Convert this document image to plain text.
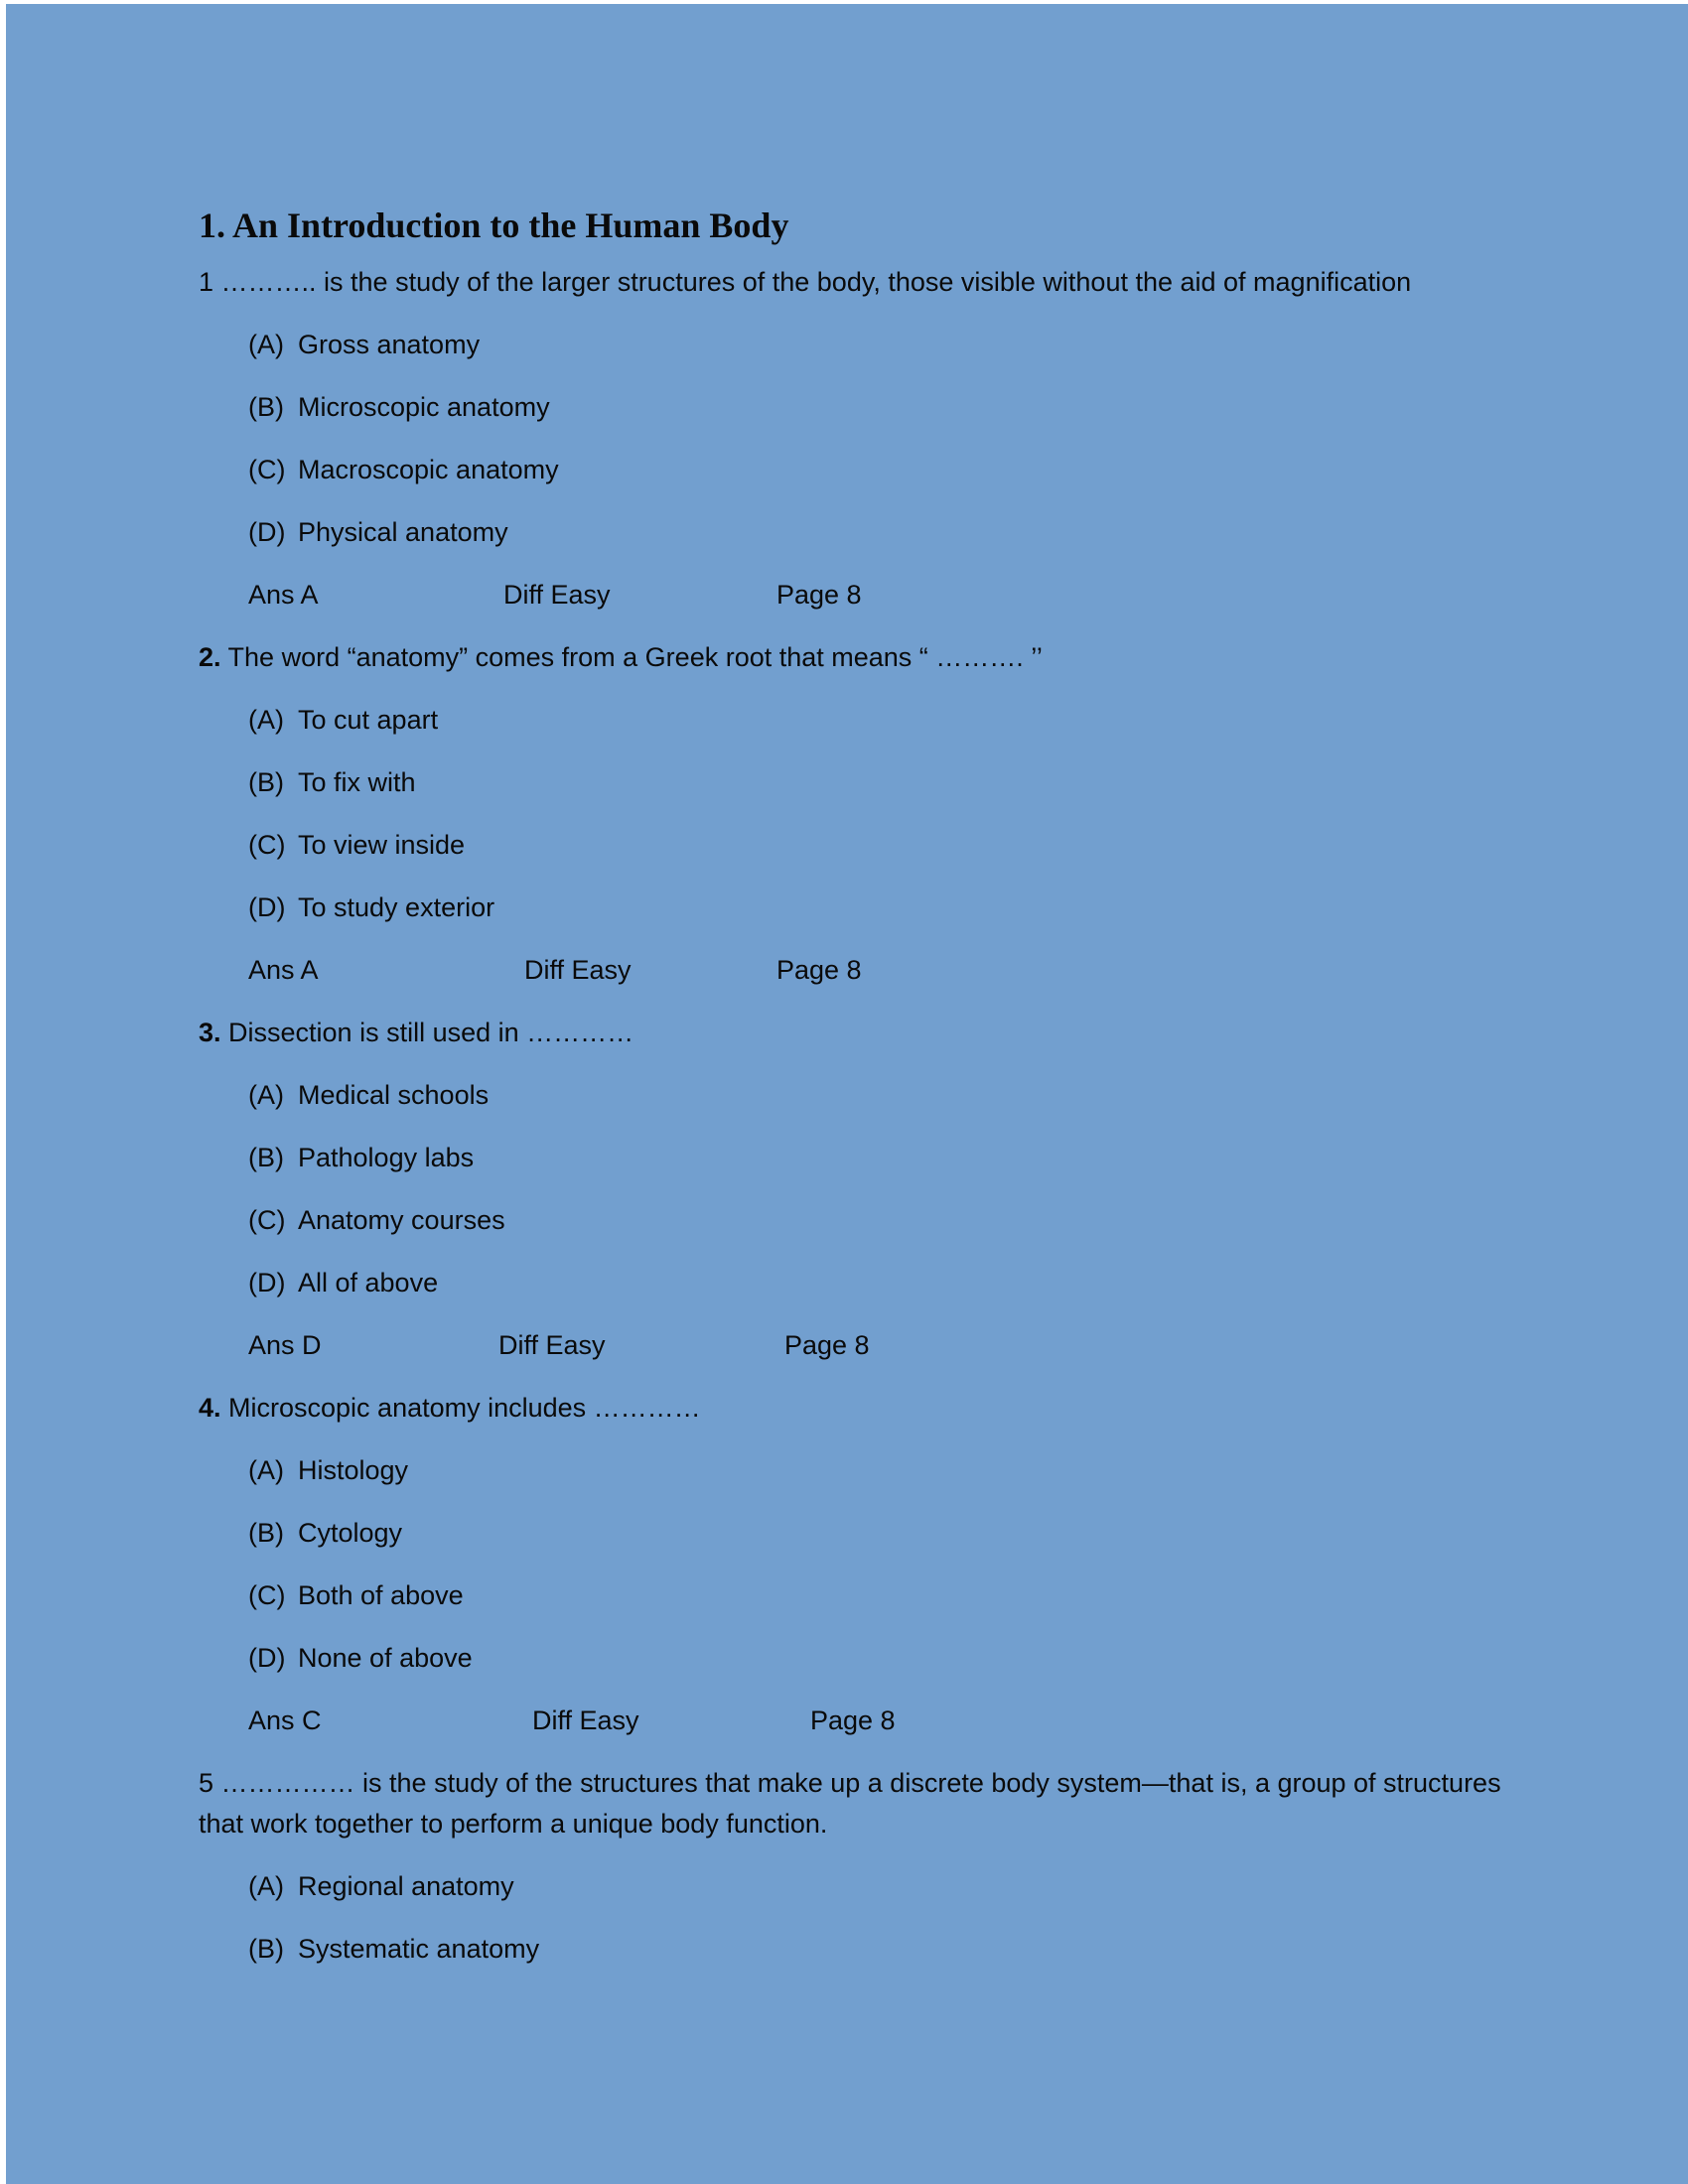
1. An Introduction to the Human Body
1 ……….. is the study of the larger structures of the body, those visible without the aid of magnification
(A) Gross anatomy
(B) Microscopic anatomy
(C) Macroscopic anatomy
(D) Physical anatomy
Ans A	Diff Easy	Page 8
2. The word “anatomy” comes from a Greek root that means “ ………. ’’
(A) To cut apart
(B) To fix with
(C) To view inside
(D) To study exterior
Ans A	Diff Easy	Page 8
3. Dissection is still used in …………
(A) Medical schools
(B) Pathology labs
(C) Anatomy courses
(D) All of above
Ans D	Diff Easy	Page 8
4. Microscopic anatomy includes …………
(A) Histology
(B) Cytology
(C) Both of above
(D) None of above
Ans C	Diff Easy	Page 8
5 …………… is the study of the structures that make up a discrete body system—that is, a group of structures that work together to perform a unique body function.
(A) Regional anatomy
(B) Systematic anatomy
